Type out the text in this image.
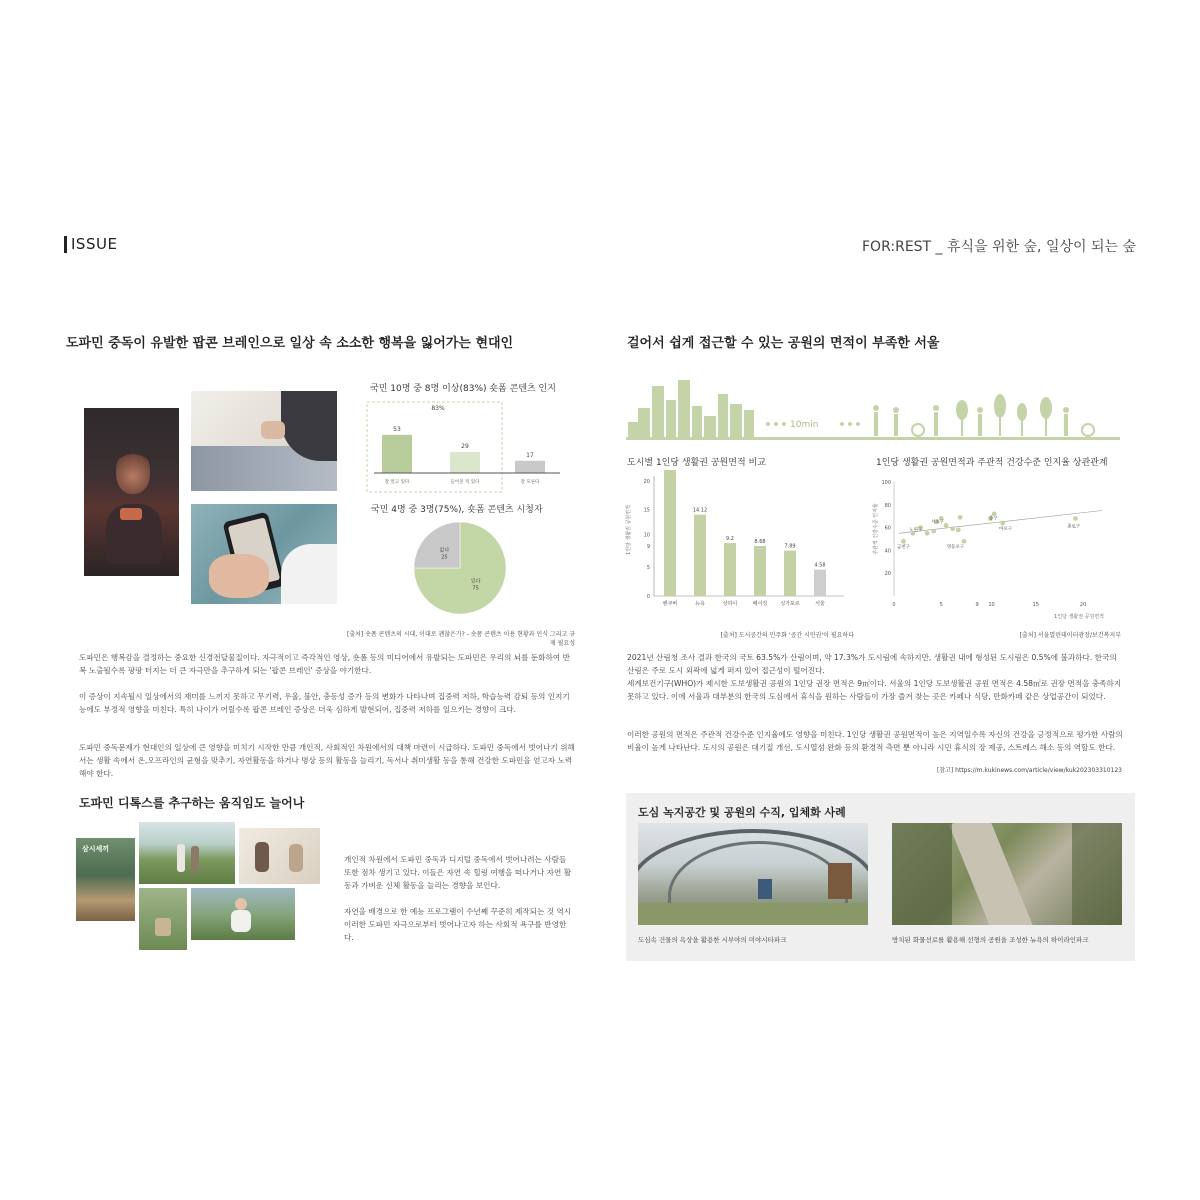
ISSUE	FOR:REST _ 휴식을 위한 숲, 일상이 되는 숲
도파민 중독이 유발한 팝콘 브레인으로 일상 속 소소한 행복을 잃어가는 현대인
국민 10명 중 8명 이상(83%) 숏폼 콘텐츠 인지
83%
53
잘 알고 있다
29
들어본 적 있다
17
잘 모른다
국민 4명 중 3명(75%), 숏폼 콘텐츠 시청자
있다
75
없다
25
[출처] 숏폼 콘텐츠의 시대, 이대로 괜찮은가? - 숏폼 콘텐츠 이용 현황과 인식 그리고 규제 필요성
도파민은 행복감을 결정하는 중요한 신경전달물질이다. 자극적이고 즉각적인 영상, 숏폼 등의 미디어에서 유발되는 도파민은 우리의 뇌를 둔화하여 반복 노출될수록 팡팡 터지는 더 큰 자극만을 추구하게 되는 '팝콘 브레인' 증상을 야기한다.
이 증상이 지속될시 일상에서의 재미를 느끼지 못하고 무기력, 우울, 불안, 충동성 증가 등의 변화가 나타나며 집중력 저하, 학습능력 감퇴 등의 인지기능에도 부정적 영향을 미친다. 특히 나이가 어릴수록 팝콘 브레인 증상은 더욱 심하게 발현되어, 집중력 저하를 일으키는 경향이 크다.
도파민 중독문제가 현대인의 일상에 큰 영향을 미치기 시작한 만큼 개인적, 사회적인 차원에서의 대책 마련이 시급하다. 도파민 중독에서 벗어나기 위해서는 생활 속에서 온,오프라인의 균형을 맞추기, 자연활동을 하거나 명상 등의 활동을 늘리기, 독서나 취미생활 등을 통해 건강한 도파민을 얻고자 노력해야 한다.
도파민 디톡스를 추구하는 움직임도 늘어나
삼시세끼
개인적 차원에서 도파민 중독과 디지털 중독에서 벗어나려는 사람들 또한 점차 생기고 있다. 이들은 자연 속 힐링 여행을 떠나거나 자연 활동과 가벼운 신체 활동을 늘리는 경향을 보인다.
자연을 배경으로 한 예능 프로그램이 수년째 꾸준히 제작되는 것 역시 이러한 도파민 자극으로부터 벗어나고자 하는 사회적 욕구를 반영한다.
걸어서 쉽게 접근할 수 있는 공원의 면적이 부족한 서울
10min
도시별 1인당 생활권 공원면적 비교
1인당 생활권 공원면적
20
15
10
9
5
0
밴쿠버
14.12
뉴욕
9.2
상하이
8.68
베이징
7.89
싱가포르
4.58
서울
[출처] 도시공간의 민주화 '공간 시민권'이 필요하다
1인당 생활권 공원면적과 주관적 건강수준 인지율 상관관계
주관적 건강수준 인지율
1인당 생활권 공원면적
0	5	9 10	15	20
100
80
60
40
20
서초구
노원구
중구
마포구	종로구
금천구	영등포구
[출처] 서울열린데이터광장/보건복지부
2021년 산림청 조사 결과 한국의 국토 63.5%가 산림이며, 약 17.3%가 도시림에 속하지만, 생활권 내에 형성된 도시림은 0.5%에 불과하다. 한국의 산림은 주로 도시 외곽에 넓게 퍼져 있어 접근성이 떨어진다.
세계보건기구(WHO)가 제시한 도보생활권 공원의 1인당 권장 면적은 9㎡이다. 서울의 1인당 도보생활권 공원 면적은 4.58㎡로 권장 면적을 충족하지 못하고 있다. 이에 서울과 대부분의 한국의 도심에서 휴식을 원하는 사람들이 가장 즐겨 찾는 곳은 카페나 식당, 만화카페 같은 상업공간이 되었다.
이러한 공원의 면적은 주관적 건강수준 인지율에도 영향을 미친다. 1인당 생활권 공원면적이 높은 지역일수록 자신의 건강을 긍정적으로 평가한 사람의 비율이 높게 나타난다. 도시의 공원은 대기질 개선, 도시열섬 완화 등의 환경적 측면 뿐 아니라 시민 휴식의 장 제공, 스트레스 해소 등의 역할도 한다.
[참고] https://m.kukinews.com/article/view/kuk202303310123
도심 녹지공간 및 공원의 수직, 입체화 사례
도심속 건물의 옥상을 활용한 시부야의 미야시타파크	방치된 화물선로를 활용해 선형의 공원을 조성한 뉴욕의 하이라인파크
